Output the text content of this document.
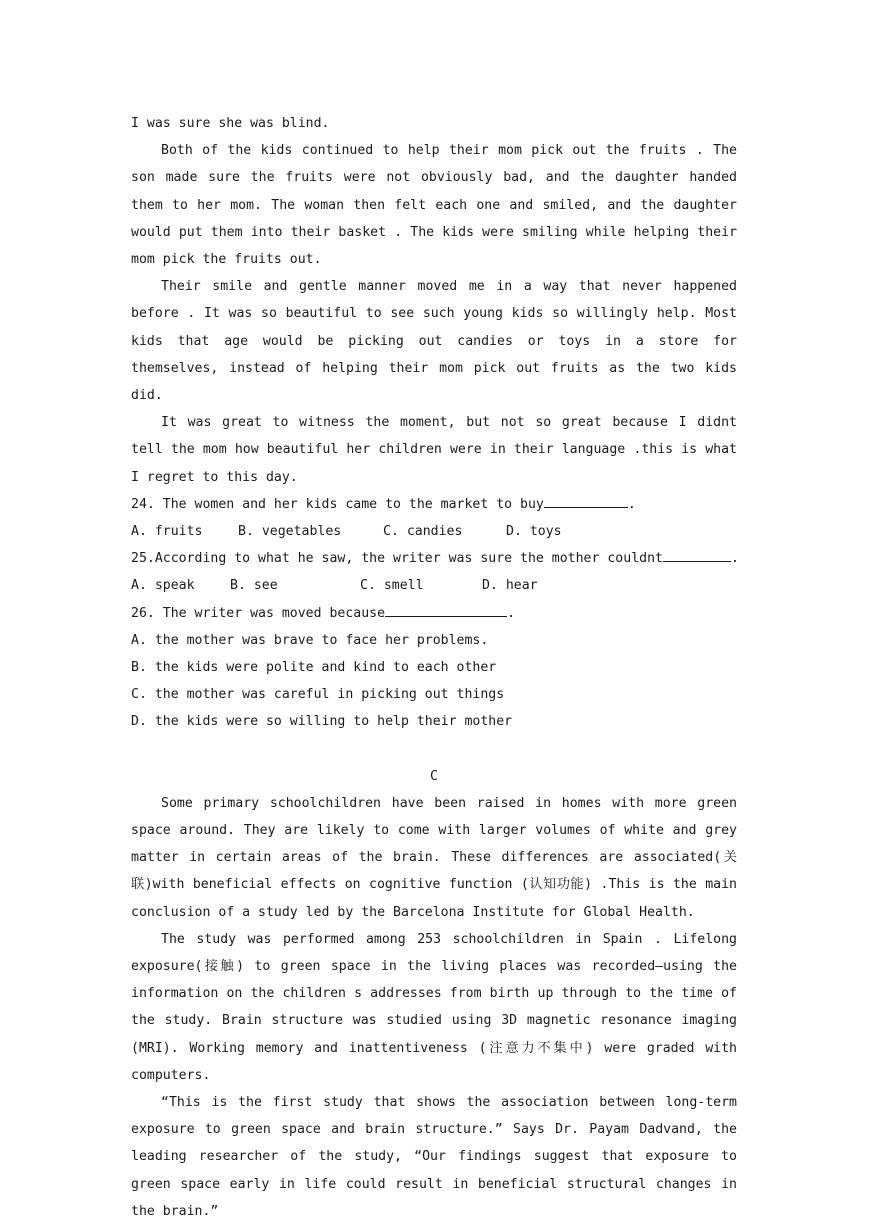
I was sure she was blind.

Both of the kids continued to help their mom pick out the fruits . The son made sure the fruits were not obviously bad, and the daughter handed them to her mom. The woman then felt each one and smiled, and the daughter would put them into their basket . The kids were smiling while helping their mom pick the fruits out.

Their smile and gentle manner moved me in a way that never happened before . It was so beautiful to see such young kids so willingly help. Most kids that age would be picking out candies or toys in a store for themselves, instead of helping their mom pick out fruits as the two kids did.

It was great to witness the moment, but not so great because I didnt tell the mom how beautiful her children were in their language .this is what I regret to this day.

24. The women and her kids came to the market to buy	.
A. fruits	B. vegetables	C. candies	D. toys
25.According to what he saw, the writer was sure the mother couldnt	.
A. speak	B. see	C. smell	D. hear
26. The writer was moved because	.
A. the mother was brave to face her problems.
B. the kids were polite and kind to each other
C. the mother was careful in picking out things
D. the kids were so willing to help their mother
C

Some primary schoolchildren have been raised in homes with more green space around. They are likely to come with larger volumes of white and grey matter in certain areas of the brain. These differences are associated(关联)with beneficial effects on cognitive function (认知功能) .This is the main conclusion of a study led by the Barcelona Institute for Global Health.

The study was performed among 253 schoolchildren in Spain . Lifelong exposure(接触) to green space in the living places was recorded—using the information on the children s addresses from birth up through to the time of the study. Brain structure was studied using 3D magnetic resonance imaging (MRI). Working memory and inattentiveness (注意力不集中) were graded with computers.

“This is the first study that shows the association between long-term exposure to green space and brain structure.” Says Dr. Payam Dadvand, the leading researcher of the study, “Our findings suggest that exposure to green space early in life could result in beneficial structural changes in the brain.”
